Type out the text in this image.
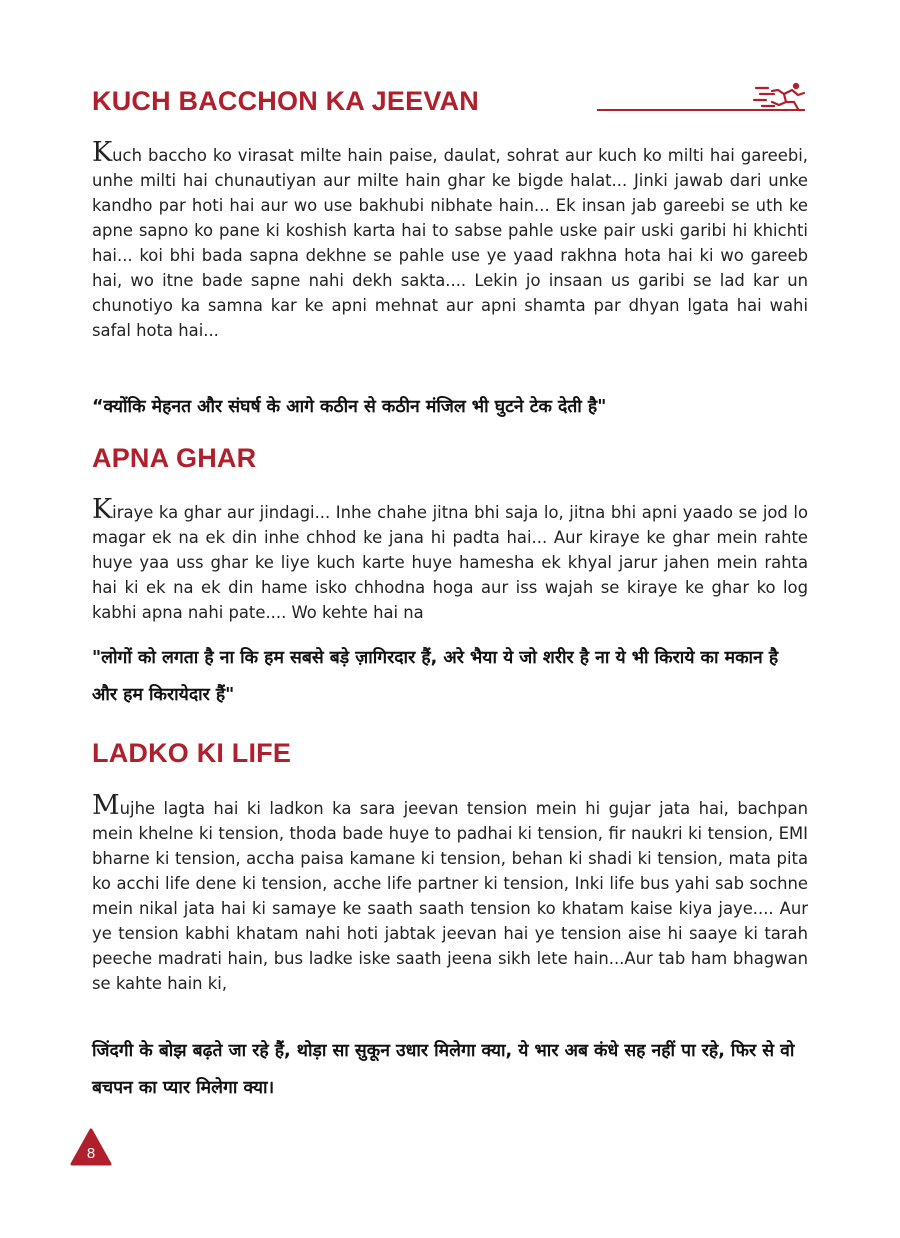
KUCH BACCHON KA JEEVAN

Kuch baccho ko virasat milte hain paise, daulat, sohrat aur kuch ko milti hai gareebi, unhe milti hai chunautiyan aur milte hain ghar ke bigde halat... Jinki jawab dari unke kandho par hoti hai aur wo use bakhubi nibhate hain... Ek insan jab gareebi se uth ke apne sapno ko pane ki koshish karta hai to sabse pahle uske pair uski garibi hi khichti hai... koi bhi bada sapna dekhne se pahle use ye yaad rakhna hota hai ki wo gareeb hai, wo itne bade sapne nahi dekh sakta.... Lekin jo insaan us garibi se lad kar un chunotiyo ka samna kar ke apni mehnat aur apni shamta par dhyan lgata hai wahi safal hota hai...

“क्योंकि मेहनत और संघर्ष के आगे कठीन से कठीन मंजिल भी घुटने टेक देती है"

APNA GHAR

Kiraye ka ghar aur jindagi... Inhe chahe jitna bhi saja lo, jitna bhi apni yaado se jod lo magar ek na ek din inhe chhod ke jana hi padta hai... Aur kiraye ke ghar mein rahte huye yaa uss ghar ke liye kuch karte huye hamesha ek khyal jarur jahen mein rahta hai ki ek na ek din hame isko chhodna hoga aur iss wajah se kiraye ke ghar ko log kabhi apna nahi pate.... Wo kehte hai na

"लोगों को लगता है ना कि हम सबसे बड़े ज़ागिरदार हैं, अरे भैया ये जो शरीर है ना ये भी किराये का मकान है और हम किरायेदार हैं"

LADKO KI LIFE

Mujhe lagta hai ki ladkon ka sara jeevan tension mein hi gujar jata hai, bachpan mein khelne ki tension, thoda bade huye to padhai ki tension, fir naukri ki tension, EMI bharne ki tension, accha paisa kamane ki tension, behan ki shadi ki tension, mata pita ko acchi life dene ki tension, acche life partner ki tension, Inki life bus yahi sab sochne mein nikal jata hai ki samaye ke saath saath tension ko khatam kaise kiya jaye.... Aur ye tension kabhi khatam nahi hoti jabtak jeevan hai ye tension aise hi saaye ki tarah peeche madrati hain, bus ladke iske saath jeena sikh lete hain...Aur tab ham bhagwan se kahte hain ki,

जिंदगी के बोझ बढ़ते जा रहे हैं, थोड़ा सा सुकून उधार मिलेगा क्या, ये भार अब कंधे सह नहीं पा रहे, फिर से वो बचपन का प्यार मिलेगा क्या।

8
